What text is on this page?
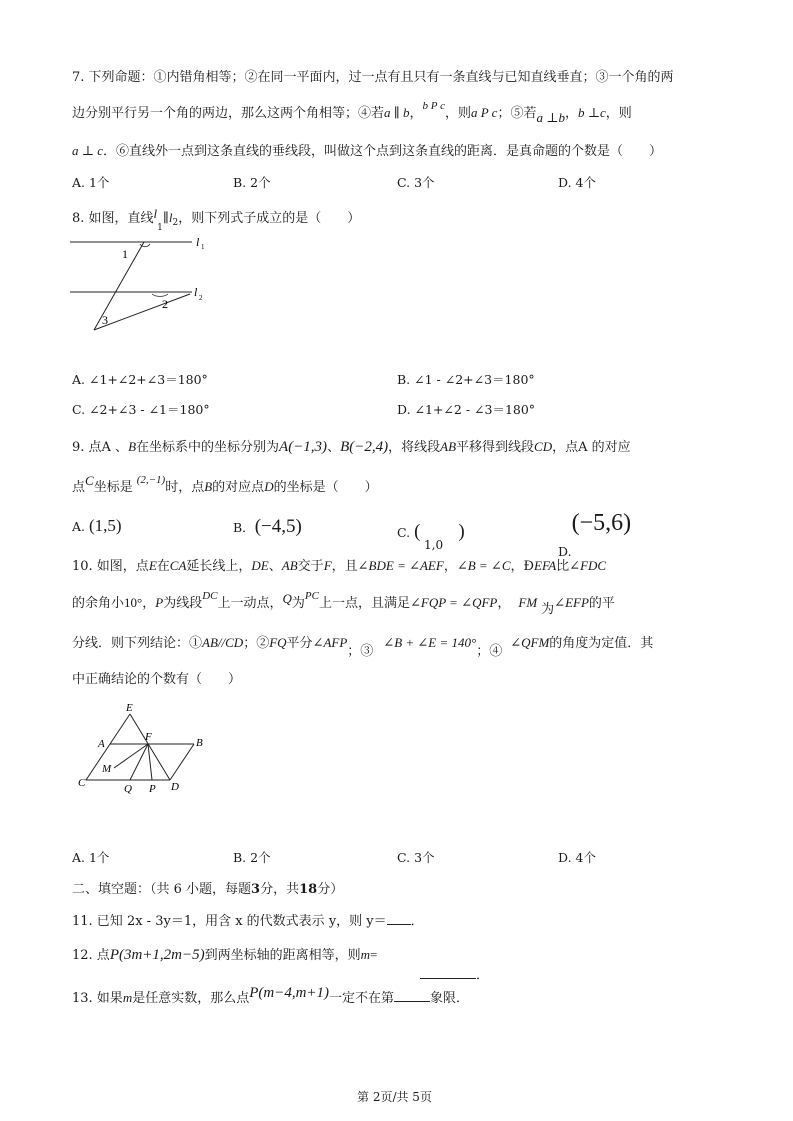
7. 下列命题：①内错角相等；②在同一平面内，过一点有且只有一条直线与已知直线垂直；③一个角的两
边分别平行另一个角的两边，那么这两个角相等；④若a ∥ b，$^{b P c}$，则a P c；⑤若a ⊥b，b ⊥c，则
a ⊥ c．⑥直线外一点到这条直线的垂线段，叫做这个点到这条直线的距离．是真命题的个数是（　　）
A. 1个	B. 2个	C. 3个	D. 4个
8. 如图，直线$l_1\parallel l_2$，则下列式子成立的是（　　）
l 1
l 2
1
2
3
A. ∠1+∠2+∠3＝180°	B. ∠1 - ∠2+∠3＝180°
C. ∠2+∠3 - ∠1＝180°	D. ∠1+∠2 - ∠3＝180°
9. 点A 、B在坐标系中的坐标分别为A(−1,3)、B(−2,4)，将线段AB平移得到线段CD，点A 的对应
点C坐标是 $^{(2,-1)}$时，点B的对应点D的坐标是（　　）
A. (1,5)	B．(−4,5)	C. (　　)
1,0	D.(−5,6)
10. 如图，点E在CA延长线上，DE、AB交于F，且∠BDE = ∠AEF，∠B = ∠C，ÐEFA比∠FDC
的余角小10°，P为线段$^{DC}$上一动点，Q为$^{PC}$上一点，且满足∠FQP = ∠QFP， FM 为∠EFP的平
分线．则下列结论：①AB//CD；②FQ平分∠AFP；③∠B + ∠E = 140°；④∠QFM的角度为定值．其
中正确结论的个数有（　　）
E
A
F	B
M
C	Q P D
A. 1个	B. 2个	C. 3个	D. 4个
二、填空题：（共 6 小题，每题3分，共18分）
11. 已知 2x - 3y＝1，用含 x 的代数式表示 y，则 y＝ ．
12. 点P(3m+1,2m−5)到两坐标轴的距离相等，则m=
．
13. 如果m是任意实数，那么点P(m−4,m+1)一定不在第	象限．
第 2页/共 5页
